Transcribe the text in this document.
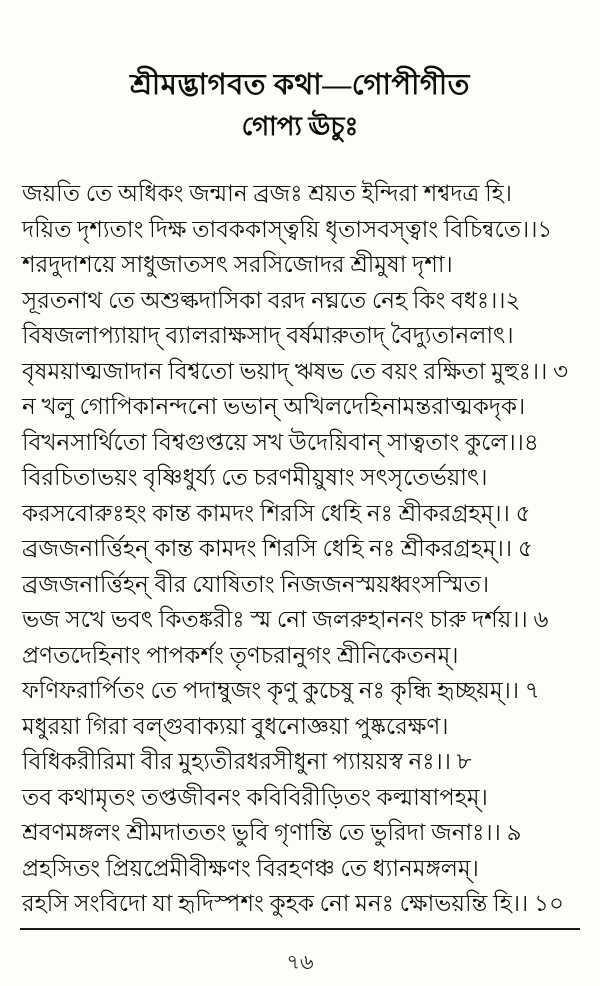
শ্রীমদ্ভাগবত কথা—গোপীগীত
গোপ্য ঊচুঃ
জয়তি তে অধিকং জন্মান ব্রজঃ শ্রয়ত ইন্দিরা শশ্বদত্র হি।
দয়িত দৃশ্যতাং দিক্ষ তাবককাস্ত্বয়ি ধৃতাসবস্ত্বাং বিচিন্বতে।।১
শরদুদাশয়ে সাধুজাতসৎ সরসিজোদর শ্রীমুষা দৃশা।
সূরতনাথ তে অশুল্কদাসিকা বরদ নঘ্নতে নেহ কিং বধঃ।।২
বিষজলাপ্যায়াদ্ ব্যালরাক্ষসাদ্ বর্ষমারুতাদ্ বৈদ্যুতানলাৎ।
বৃষময়াত্মজাদান বিশ্বতো ভয়াদ্ ঋষভ তে বয়ং রক্ষিতা মুহুঃ।। ৩
ন খলু গোপিকানন্দনো ভভান্ অখিলদেহিনামন্তরাত্মকদৃক।
বিখনসার্থিতো বিশ্বগুপ্তয়ে সখ উদেয়িবান্ সাত্বতাং কুলে।।৪
বিরচিতাভয়ং বৃষ্ণিধুর্য্য তে চরণমীয়ুষাং সৎসৃতের্ভয়াৎ।
করসবোরুঃহং কান্ত কামদং শিরসি ধেহি নঃ শ্রীকরগ্রহম্।। ৫
ব্রজজনার্ত্তিহন্ কান্ত কামদং শিরসি ধেহি নঃ শ্রীকরগ্রহম্।। ৫
ব্রজজনার্ত্তিহন্ বীর যোষিতাং নিজজনস্ময়ধ্বংসস্মিত।
ভজ সখে ভবৎ কিতঙ্করীঃ স্ম নো জলরুহাননং চারু দর্শয়।। ৬
প্রণতদেহিনাং পাপকর্শং তৃণচরানুগং শ্রীনিকেতনম্।
ফণিফরার্পিতং তে পদাম্বুজং কৃণু কুচেষু নঃ কৃন্ধি হৃচ্ছয়ম্।। ৭
মধুরয়া গিরা বল্গুবাক্যয়া বুধনোজ্ঞয়া পুষ্করেক্ষণ।
বিধিকরীরিমা বীর মুহ্যতীরধরসীধুনা প্যায়য়স্ব নঃ।। ৮
তব কথামৃতং তপ্তজীবনং কবিবিরীড়িতং কল্মাষাপহম্।
শ্রবণমঙ্গলং শ্রীমদাততং ভুবি গৃণান্তি তে ভুরিদা জনাঃ।। ৯
প্রহসিতং প্রিয়প্রেমীবীক্ষণং বিরহণঞ্চ তে ধ্যানমঙ্গলম্।
রহসি সংবিদো যা হৃদিস্পশং কুহক নো মনঃ ক্ষোভয়ন্তি হি।। ১০
৭৬
